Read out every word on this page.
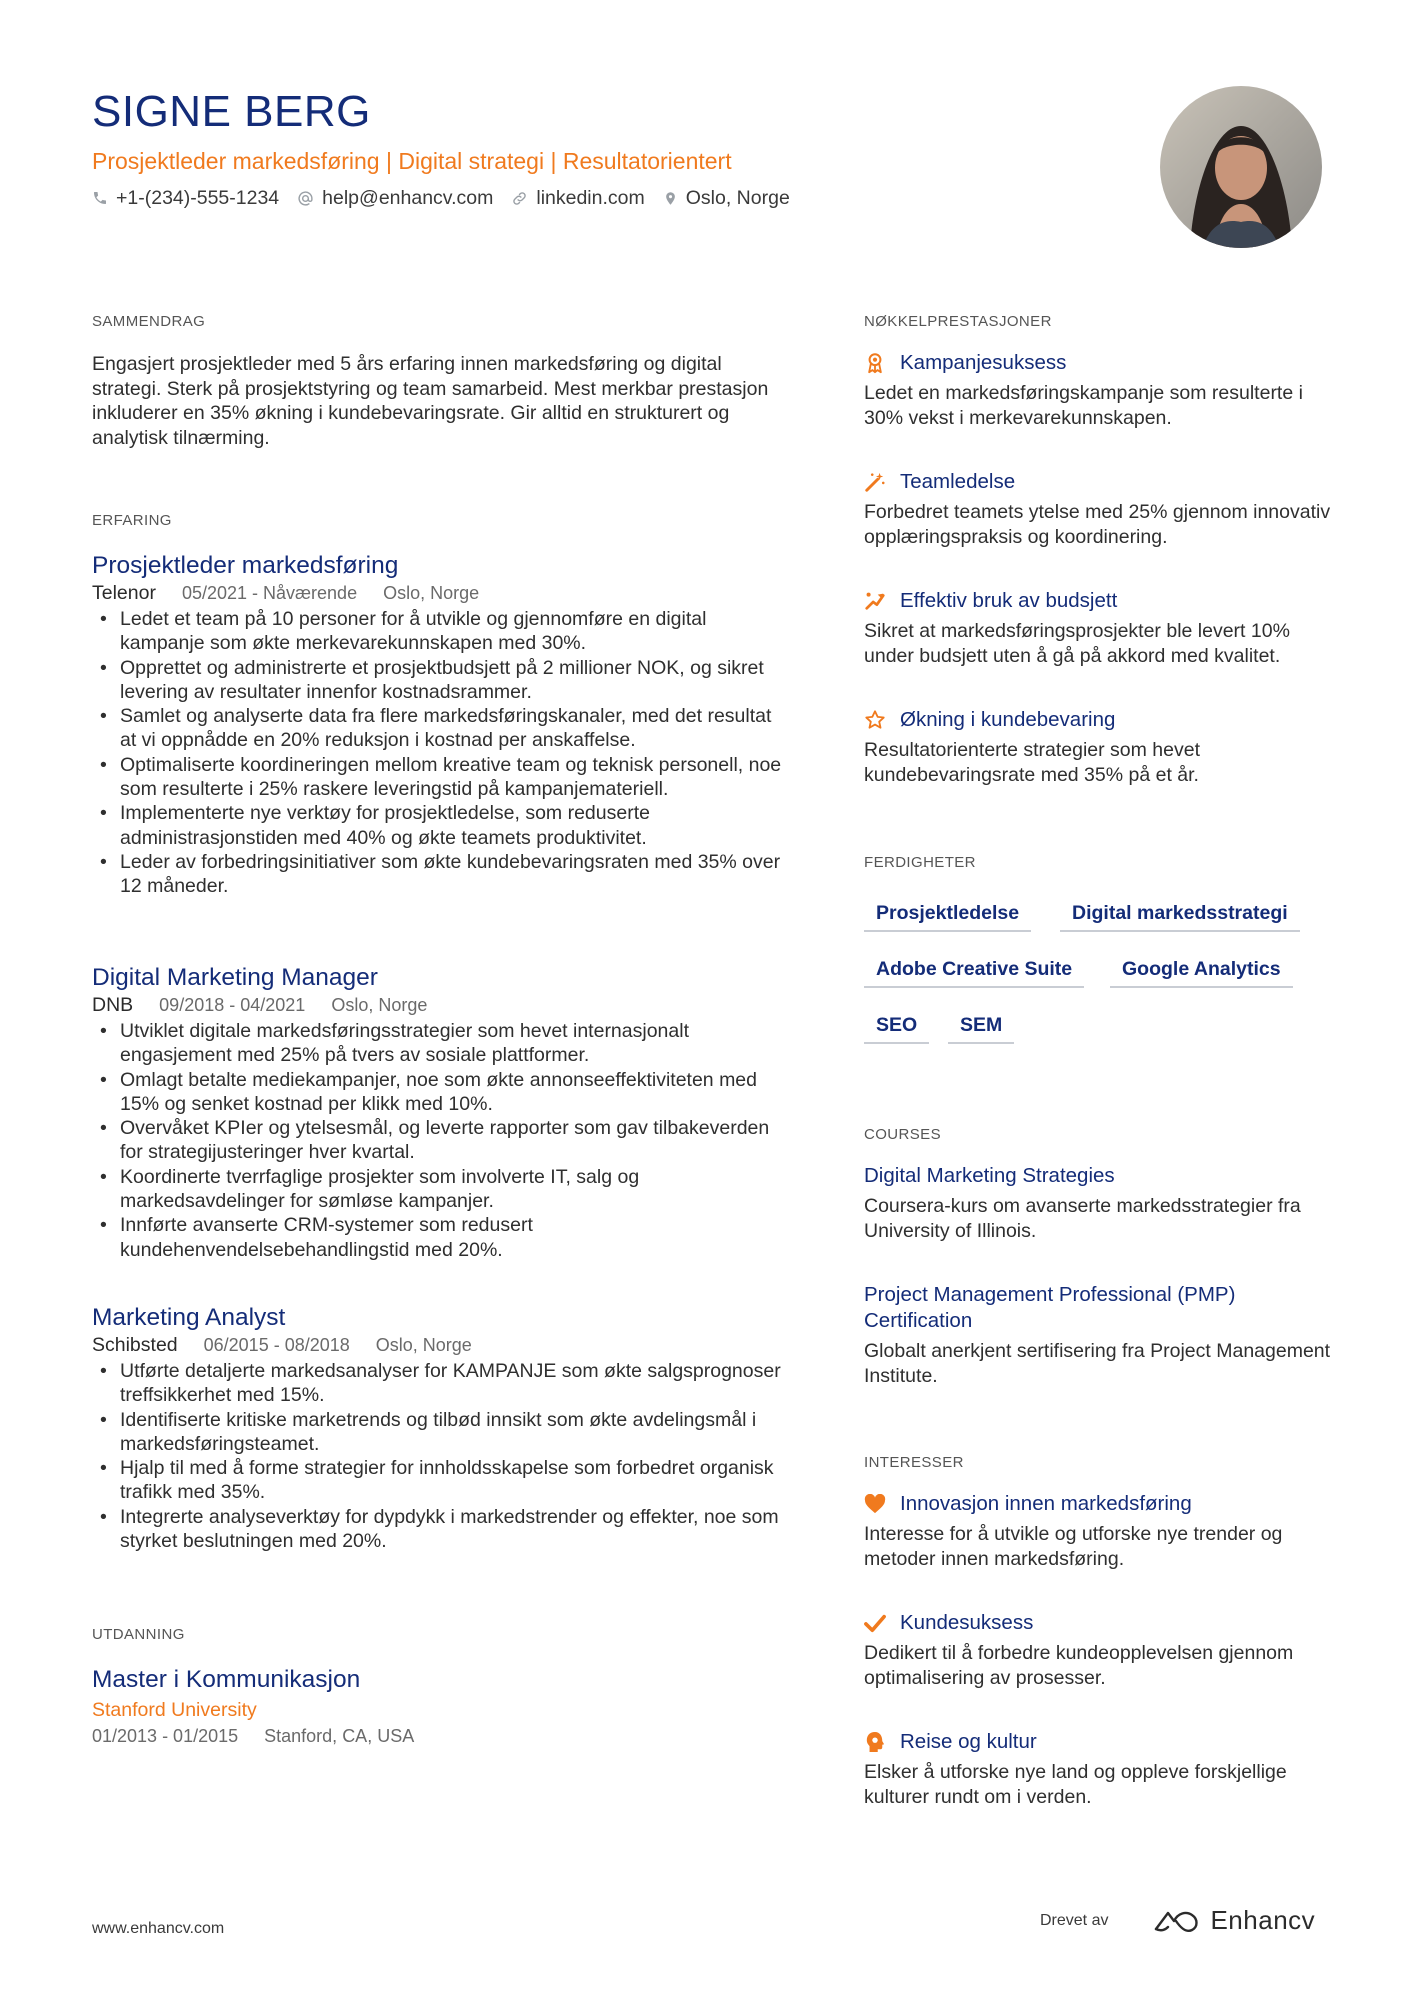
SIGNE BERG
Prosjektleder markedsføring | Digital strategi | Resultatorientert
+1-(234)-555-1234 help@enhancv.com linkedin.com Oslo, Norge
SAMMENDRAG
Engasjert prosjektleder med 5 års erfaring innen markedsføring og digital strategi. Sterk på prosjektstyring og team samarbeid. Mest merkbar prestasjon inkluderer en 35% økning i kundebevaringsrate. Gir alltid en strukturert og analytisk tilnærming.
ERFARING
Prosjektleder markedsføring
Telenor 05/2021 - Nåværende Oslo, Norge
• Ledet et team på 10 personer for å utvikle og gjennomføre en digital kampanje som økte merkevarekunnskapen med 30%.
• Opprettet og administrerte et prosjektbudsjett på 2 millioner NOK, og sikret levering av resultater innenfor kostnadsrammer.
• Samlet og analyserte data fra flere markedsføringskanaler, med det resultat at vi oppnådde en 20% reduksjon i kostnad per anskaffelse.
• Optimaliserte koordineringen mellom kreative team og teknisk personell, noe som resulterte i 25% raskere leveringstid på kampanjemateriell.
• Implementerte nye verktøy for prosjektledelse, som reduserte administrasjonstiden med 40% og økte teamets produktivitet.
• Leder av forbedringsinitiativer som økte kundebevaringsraten med 35% over 12 måneder.
Digital Marketing Manager
DNB 09/2018 - 04/2021 Oslo, Norge
• Utviklet digitale markedsføringsstrategier som hevet internasjonalt engasjement med 25% på tvers av sosiale plattformer.
• Omlagt betalte mediekampanjer, noe som økte annonseeffektiviteten med 15% og senket kostnad per klikk med 10%.
• Overvåket KPIer og ytelsesmål, og leverte rapporter som gav tilbakeverden for strategijusteringer hver kvartal.
• Koordinerte tverrfaglige prosjekter som involverte IT, salg og markedsavdelinger for sømløse kampanjer.
• Innførte avanserte CRM-systemer som redusert kundehenvendelsebehandlingstid med 20%.
Marketing Analyst
Schibsted 06/2015 - 08/2018 Oslo, Norge
• Utførte detaljerte markedsanalyser for KAMPANJE som økte salgsprognoser treffsikkerhet med 15%.
• Identifiserte kritiske marketrends og tilbød innsikt som økte avdelingsmål i markedsføringsteamet.
• Hjalp til med å forme strategier for innholdsskapelse som forbedret organisk trafikk med 35%.
• Integrerte analyseverktøy for dypdykk i markedstrender og effekter, noe som styrket beslutningen med 20%.
UTDANNING
Master i Kommunikasjon
Stanford University
01/2013 - 01/2015 Stanford, CA, USA
NØKKELPRESTASJONER
Kampanjesuksess
Ledet en markedsføringskampanje som resulterte i 30% vekst i merkevarekunnskapen.
Teamledelse
Forbedret teamets ytelse med 25% gjennom innovativ opplæringspraksis og koordinering.
Effektiv bruk av budsjett
Sikret at markedsføringsprosjekter ble levert 10% under budsjett uten å gå på akkord med kvalitet.
Økning i kundebevaring
Resultatorienterte strategier som hevet kundebevaringsrate med 35% på et år.
FERDIGHETER
Prosjektledelse	Digital markedsstrategi
Adobe Creative Suite	Google Analytics
SEO	SEM
COURSES
Digital Marketing Strategies
Coursera-kurs om avanserte markedsstrategier fra University of Illinois.
Project Management Professional (PMP) Certification
Globalt anerkjent sertifisering fra Project Management Institute.
INTERESSER
Innovasjon innen markedsføring
Interesse for å utvikle og utforske nye trender og metoder innen markedsføring.
Kundesuksess
Dedikert til å forbedre kundeopplevelsen gjennom optimalisering av prosesser.
Reise og kultur
Elsker å utforske nye land og oppleve forskjellige kulturer rundt om i verden.
www.enhancv.com	Drevet av	Enhancv
